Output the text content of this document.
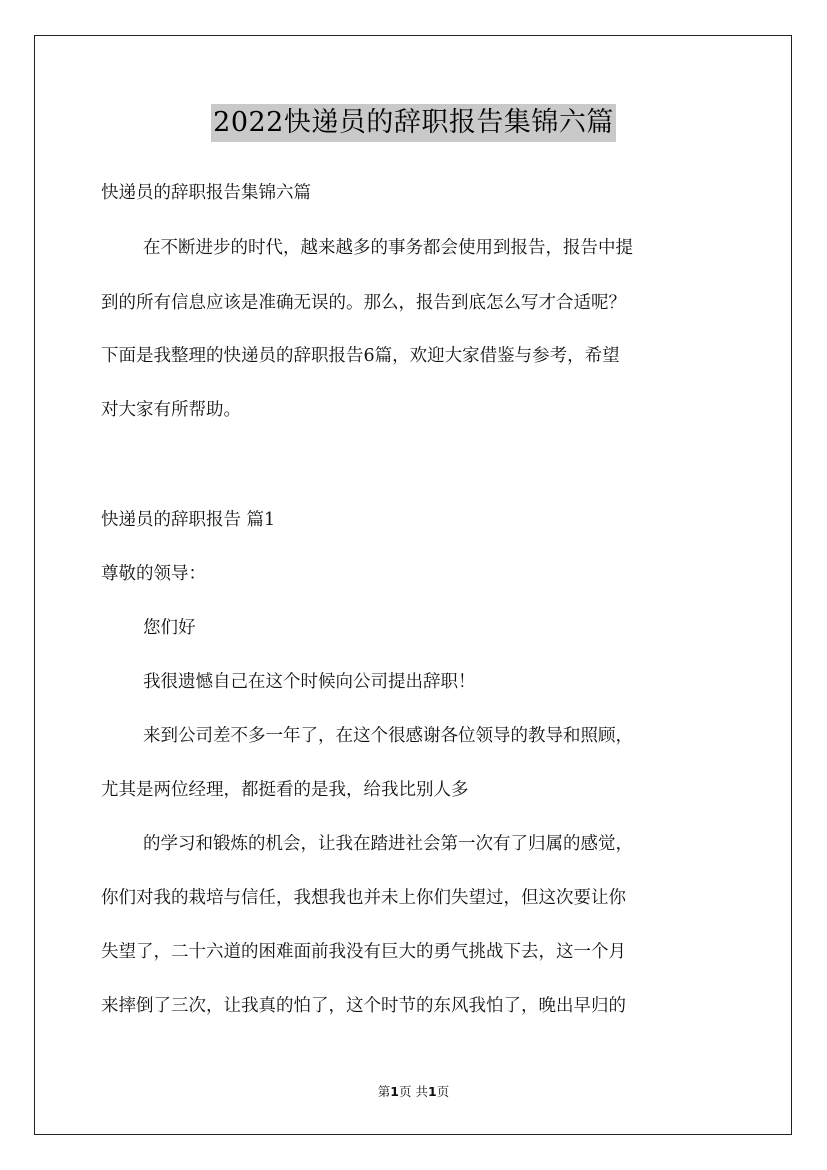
2022快递员的辞职报告集锦六篇
快递员的辞职报告集锦六篇
在不断进步的时代，越来越多的事务都会使用到报告，报告中提
到的所有信息应该是准确无误的。那么，报告到底怎么写才合适呢？
下面是我整理的快递员的辞职报告6篇，欢迎大家借鉴与参考，希望
对大家有所帮助。
快递员的辞职报告 篇1
尊敬的领导：
您们好
我很遗憾自己在这个时候向公司提出辞职！
来到公司差不多一年了，在这个很感谢各位领导的教导和照顾，
尤其是两位经理，都挺看的是我，给我比别人多
的学习和锻炼的机会，让我在踏进社会第一次有了归属的感觉，
你们对我的栽培与信任，我想我也并未上你们失望过，但这次要让你
失望了，二十六道的困难面前我没有巨大的勇气挑战下去，这一个月
来摔倒了三次，让我真的怕了，这个时节的东风我怕了，晚出早归的
第1页 共1页
